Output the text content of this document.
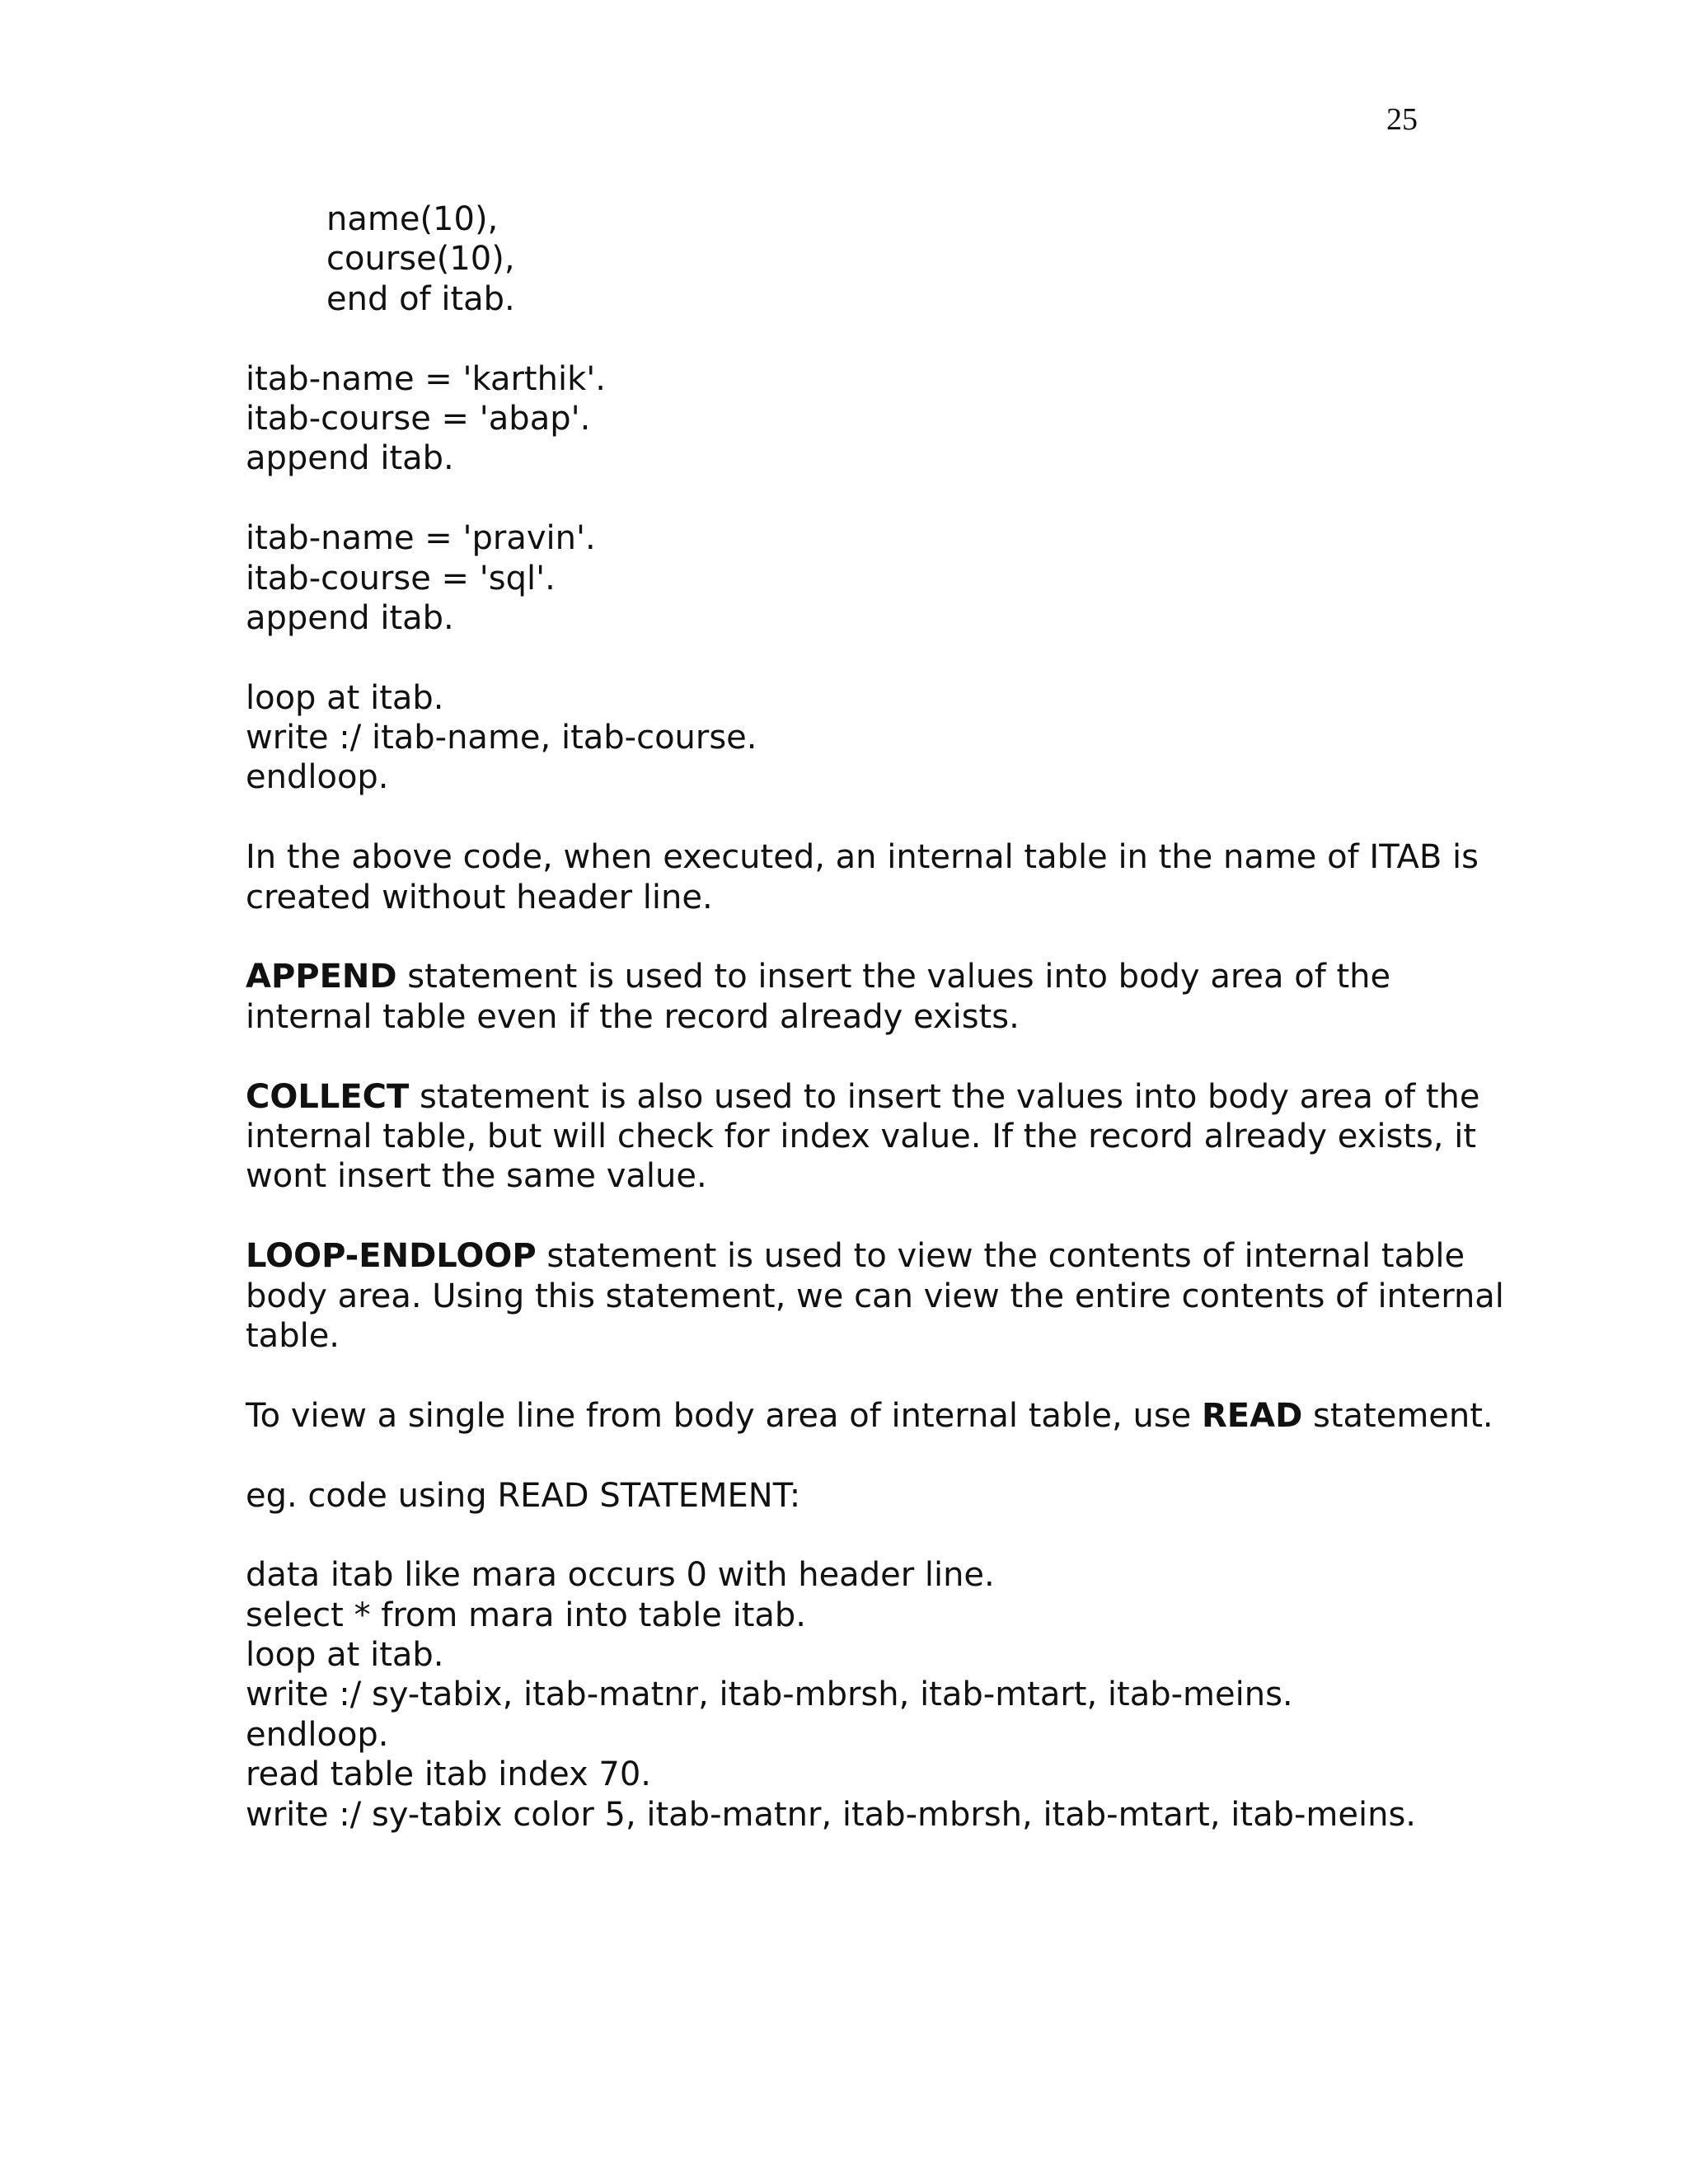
25
name(10),
course(10),
end of itab.
itab-name = 'karthik'.
itab-course = 'abap'.
append itab.
itab-name = 'pravin'.
itab-course = 'sql'.
append itab.
loop at itab.
write :/ itab-name, itab-course.
endloop.
In the above code, when executed, an internal table in the name of ITAB is
created without header line.
APPEND statement is used to insert the values into body area of the
internal table even if the record already exists.
COLLECT statement is also used to insert the values into body area of the
internal table, but will check for index value. If the record already exists, it
wont insert the same value.
LOOP-ENDLOOP statement is used to view the contents of internal table
body area. Using this statement, we can view the entire contents of internal
table.
To view a single line from body area of internal table, use READ statement.
eg. code using READ STATEMENT:
data itab like mara occurs 0 with header line.
select * from mara into table itab.
loop at itab.
write :/ sy-tabix, itab-matnr, itab-mbrsh, itab-mtart, itab-meins.
endloop.
read table itab index 70.
write :/ sy-tabix color 5, itab-matnr, itab-mbrsh, itab-mtart, itab-meins.
